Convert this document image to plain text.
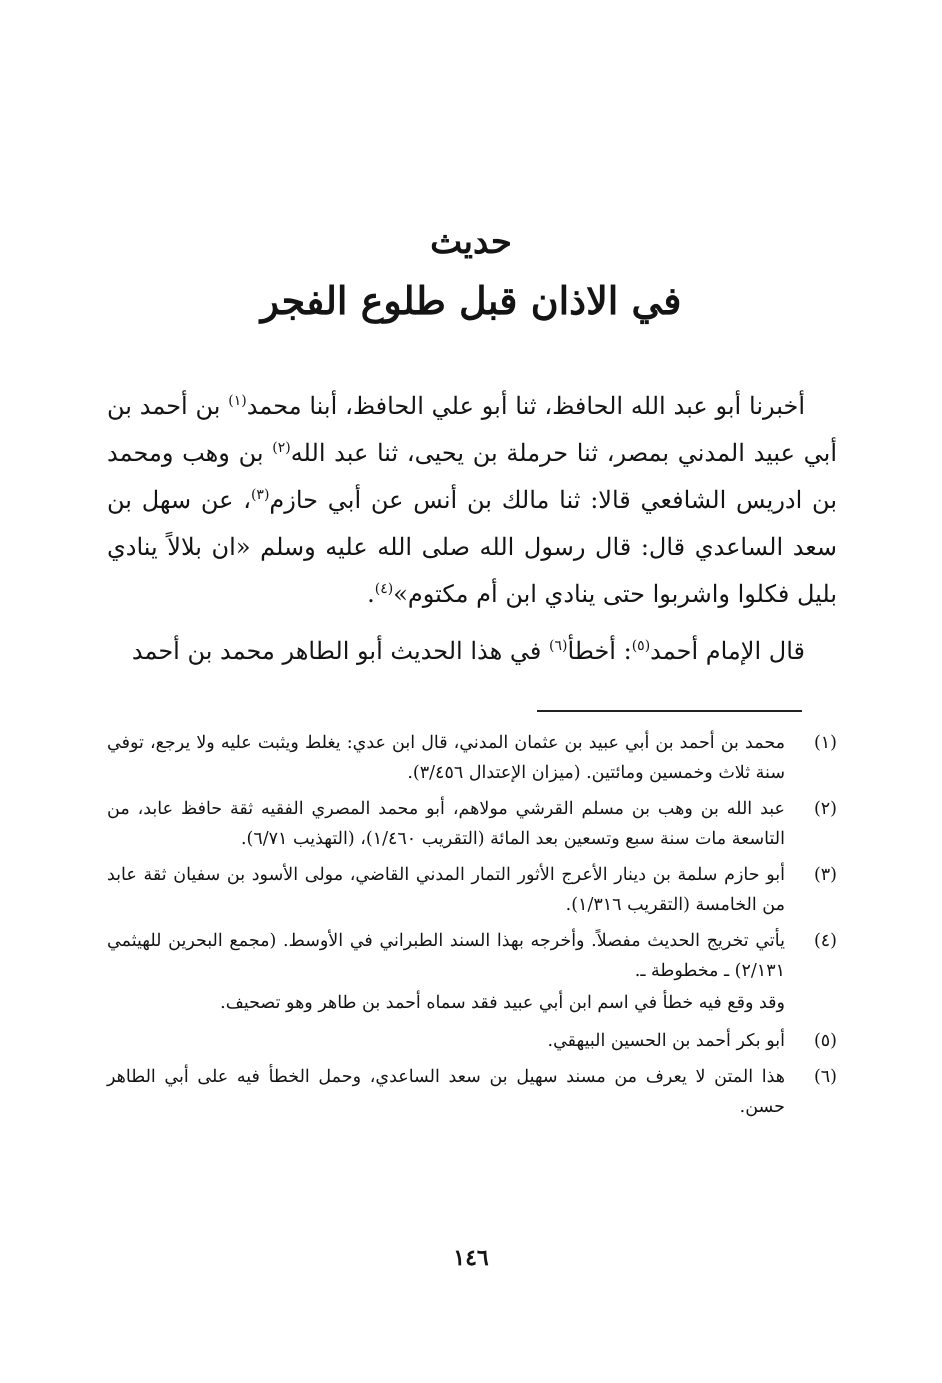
حديث
في الاذان قبل طلوع الفجر

أخبرنا أبو عبد الله الحافظ، ثنا أبو علي الحافظ، أبنا محمد$^{(١)}$ بن أحمد بن أبي عبيد المدني بمصر، ثنا حرملة بن يحيى، ثنا عبد الله$^{(٢)}$ بن وهب ومحمد بن ادريس الشافعي قالا: ثنا مالك بن أنس عن أبي حازم$^{(٣)}$، عن سهل بن سعد الساعدي قال: قال رسول الله صلى الله عليه وسلم «ان بلالاً ينادي بليل فكلوا واشربوا حتى ينادي ابن أم مكتوم»$^{(٤)}$.

قال الإمام أحمد$^{(٥)}$: أخطأ$^{(٦)}$ في هذا الحديث أبو الطاهر محمد بن أحمد

(١)
محمد بن أحمد بن أبي عبيد بن عثمان المدني، قال ابن عدي: يغلط ويثبت عليه ولا يرجع، توفي سنة ثلاث وخمسين ومائتين. (ميزان الإعتدال ٣/٤٥٦).
(٢)
عبد الله بن وهب بن مسلم القرشي مولاهم، أبو محمد المصري الفقيه ثقة حافظ عابد، من التاسعة مات سنة سبع وتسعين بعد المائة (التقريب ١/٤٦٠)، (التهذيب ٦/٧١).
(٣)
أبو حازم سلمة بن دينار الأعرج الأثور التمار المدني القاضي، مولى الأسود بن سفيان ثقة عابد من الخامسة (التقريب ١/٣١٦).
(٤)
يأتي تخريج الحديث مفصلاً. وأخرجه بهذا السند الطبراني في الأوسط. (مجمع البحرين للهيثمي ٢/١٣١) ـ مخطوطة ـ.
وقد وقع فيه خطأ في اسم ابن أبي عبيد فقد سماه أحمد بن طاهر وهو تصحيف.
(٥)
أبو بكر أحمد بن الحسين البيهقي.
(٦)
هذا المتن لا يعرف من مسند سهيل بن سعد الساعدي، وحمل الخطأ فيه على أبي الطاهر حسن.
١٤٦
